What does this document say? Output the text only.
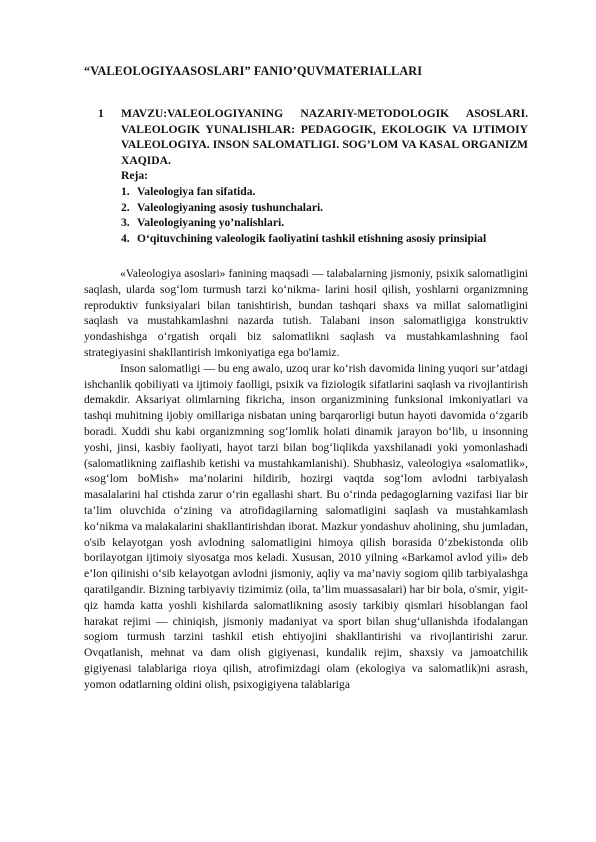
“VALEOLOGIYAASOSLARI” FANIO’QUVMATERIALLARI
1 MAVZU:VALEOLOGIYANING NAZARIY-METODOLOGIK ASOSLARI. VALEOLOGIK YUNALISHLAR: PEDAGOGIK, EKOLOGIK VA IJTIMOIY VALEOLOGIYA. INSON SALOMATLIGI. SOG’LOM VA KASAL ORGANIZM XAQIDA.
Reja:
1. Valeologiya fan sifatida.
2. Valeologiyaning asosiy tushunchalari.
3. Valeologiyaning yo’nalishlari.
4. O‘qituvchining valeologik faoliyatini tashkil etishning asosiy prinsipial

«Valeologiya asoslari» fanining maqsadi — talabalarning jismoniy, psixik salomatligini saqlash, ularda sog‘lom turmush tarzi ko‘nikma- larini hosil qilish, yoshlarni organizmning reproduktiv funksiyalari bilan tanishtirish, bundan tashqari shaxs va millat salomatligini saqlash va mustahkamlashni nazarda tutish. Talabani inson salomatligiga konstruktiv yondashishga o‘rgatish orqali biz salomatlikni saqlash va mustahkamlashning faol strategiyasini shakllantirish imkoniyatiga ega bo'lamiz.

Inson salomatligi — bu eng awalo, uzoq urar ko‘rish davomida lining yuqori sur’atdagi ishchanlik qobiliyati va ijtimoiy faolligi, psixik va fiziologik sifatlarini saqlash va rivojlantirish demakdir. Aksariyat olimlarning fikricha, inson organizmining funksional imkoniyatlari va tashqi muhitning ijobiy omillariga nisbatan uning barqarorligi butun hayoti davomida o‘zgarib boradi. Xuddi shu kabi organizmning sog‘lomlik holati dinamik jarayon bo‘lib, u insonning yoshi, jinsi, kasbiy faoliyati, hayot tarzi bilan bog‘liqlikda yaxshilanadi yoki yomonlashadi (salomatlikning zaiflashib ketishi va mustahkamlanishi). Shubhasiz, valeologiya «salomatlik», «sog‘lom boMish» ma’nolarini hildirib, hozirgi vaqtda sog‘lom avlodni tarbiyalash masalalarini hal ctishda zarur o‘rin egallashi shart. Bu o‘rinda pedagoglarning vazifasi liar bir ta’lim oluvchida o‘zining va atrofidagilarning salomatligini saqlash va mustahkamlash ko‘nikma va malakalarini shakllantirishdan iborat. Mazkur yondashuv aholining, shu jumladan, o'sib kelayotgan yosh avlodning salomatligini himoya qilish borasida 0‘zbekistonda olib borilayotgan ijtimoiy siyosatga mos keladi. Xususan, 2010 yilning «Barkamol avlod yili» deb e’lon qilinishi o‘sib kelayotgan avlodni jismoniy, aqliy va ma’naviy sogiom qilib tarbiyalashga qaratilgandir. Bizning tarbiyaviy tizimimiz (oila, ta’lim muassasalari) har bir bola, o'smir, yigit-qiz hamda katta yoshli kishilarda salomatlikning asosiy tarkibiy qismlari hisoblangan faol harakat rejimi — chiniqish, jismoniy madaniyat va sport bilan shug‘ullanishda ifodalangan sogiom turmush tarzini tashkil etish ehtiyojini shakllantirishi va rivojlantirishi zarur. Ovqatlanish, mehnat va dam olish gigiyenasi, kundalik rejim, shaxsiy va jamoatchilik gigiyenasi talablariga rioya qilish, atrofimizdagi olam (ekologiya va salomatlik)ni asrash, yomon odatlarning oldini olish, psixogigiyena talablariga
